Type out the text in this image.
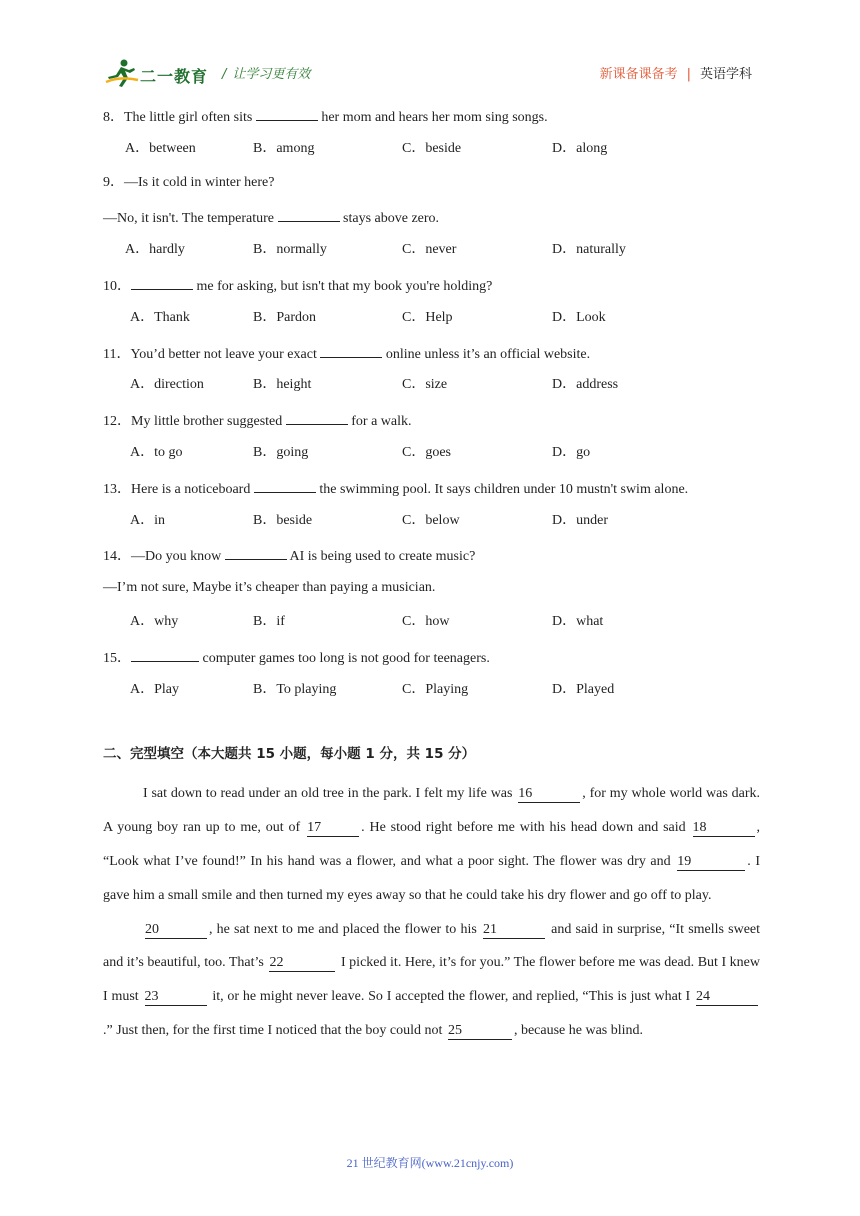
二一教育 / 让学习更有效	新课备课备考 | 英语学科
8．The little girl often sits	her mom and hears her mom sing songs.
A．between	B．among	C．beside	D．along
9．—Is it cold in winter here?
—No, it isn't. The temperature	stays above zero.
A．hardly	B．normally	C．never	D．naturally
10．	me for asking, but isn't that my book you're holding?
A．Thank	B．Pardon	C．Help	D．Look
11．You’d better not leave your exact	online unless it’s an official website.
A．direction	B．height	C．size	D．address
12．My little brother suggested	for a walk.
A．to go	B．going	C．goes	D．go
13．Here is a noticeboard	the swimming pool. It says children under 10 mustn't swim alone.
A．in	B．beside	C．below	D．under
14．—Do you know	AI is being used to create music?
—I’m not sure, Maybe it’s cheaper than paying a musician.
A．why	B．if	C．how	D．what
15．	computer games too long is not good for teenagers.
A．Play	B．To playing	C．Playing	D．Played
二、完型填空（本大题共 15 小题，每小题 1 分，共 15 分）
I sat down to read under an old tree in the park. I felt my life was 16	, for my whole world was dark. A young boy ran up to me, out of 17	. He stood right before me with his head down and said 18	, “Look what I’ve found!” In his hand was a flower, and what a poor sight. The flower was dry and 19	. I gave him a small smile and then turned my eyes away so that he could take his dry flower and go off to play.
20	, he sat next to me and placed the flower to his 21	and said in surprise, “It smells sweet and it’s beautiful, too. That’s 22	I picked it. Here, it’s for you.” The flower before me was dead. But I knew I must 23	it, or he might never leave. So I accepted the flower, and replied, “This is just what I 24.” Just then, for the first time I noticed that the boy could not 25	, because he was blind.
21 世纪教育网(www.21cnjy.com)
